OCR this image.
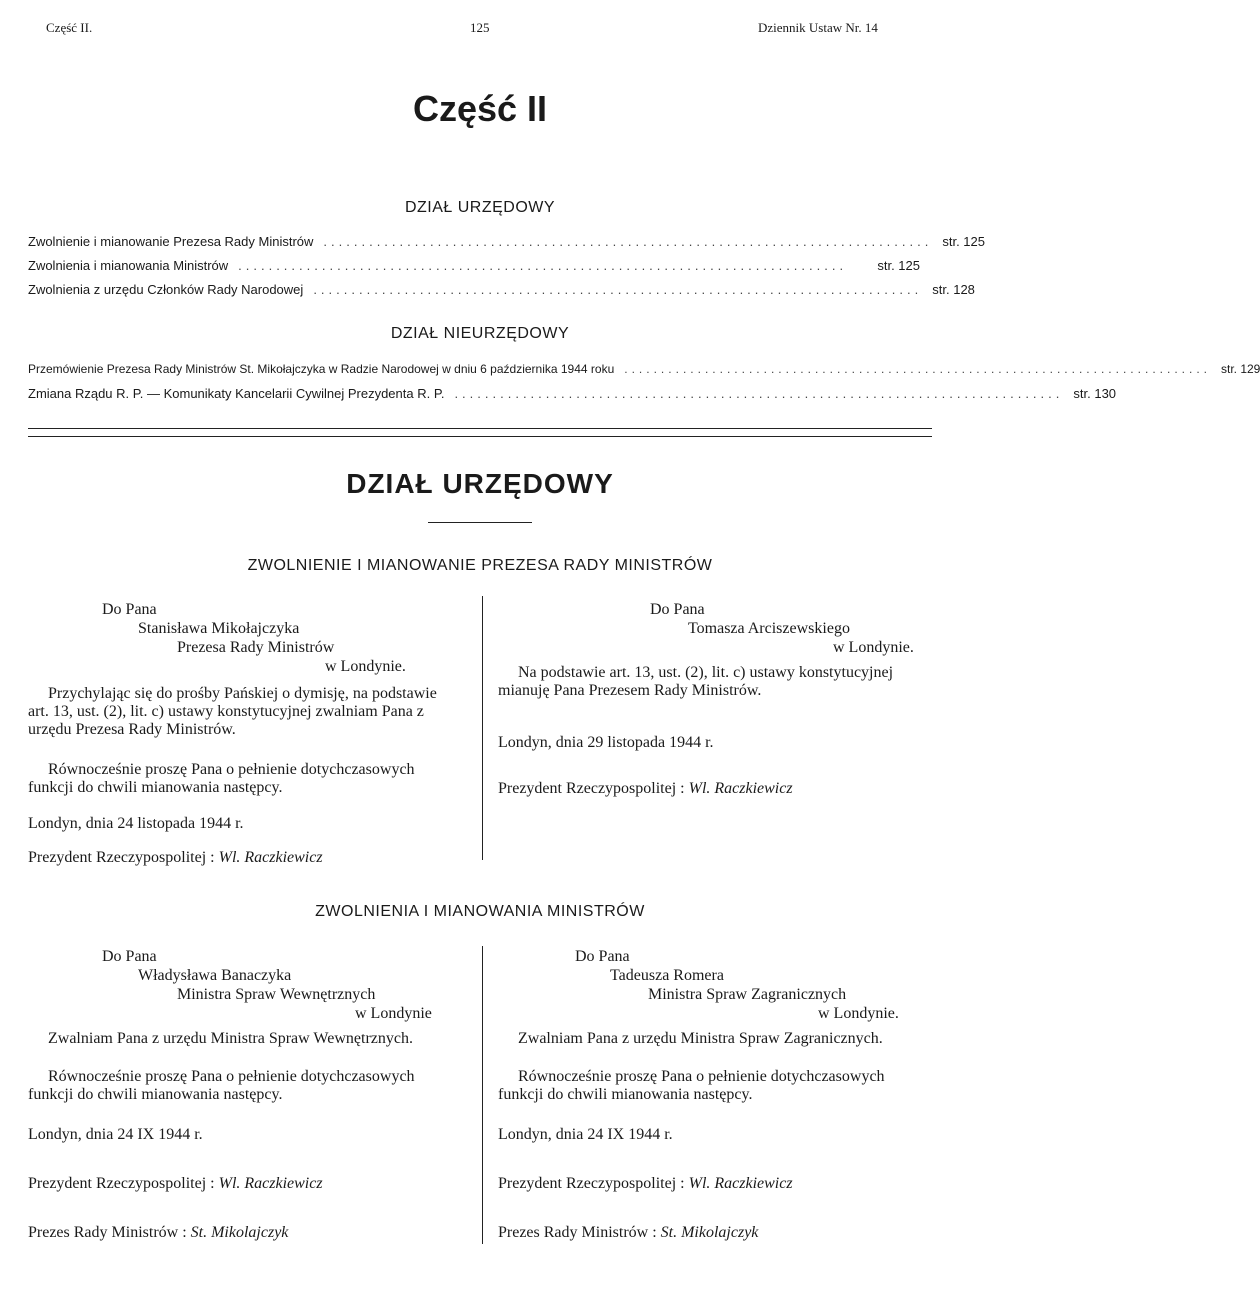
Część II.	125	Dziennik Ustaw Nr. 14
Część II
DZIAŁ URZĘDOWY
Zwolnienie i mianowanie Prezesa Rady Ministrów ................................................................................ str. 125
Zwolnienia i mianowania Ministrów ................................................................................	str. 125
Zwolnienia z urzędu Członków Rady Narodowej ................................................................................ str. 128
DZIAŁ NIEURZĘDOWY
Przemówienie Prezesa Rady Ministrów St. Mikołajczyka w Radzie Narodowej w dniu 6 października 1944 roku ................................................................................ str. 129
Zmiana Rządu R. P. — Komunikaty Kancelarii Cywilnej Prezydenta R. P. ................................................................................ str. 130
DZIAŁ URZĘDOWY
ZWOLNIENIE I MIANOWANIE PREZESA RADY MINISTRÓW
Do Pana
Stanisława Mikołajczyka
Prezesa Rady Ministrów
w Londynie.
Przychylając się do prośby Pańskiej o dymisję, na podstawie art. 13, ust. (2), lit. c) ustawy konstytucyjnej zwalniam Pana z urzędu Prezesa Rady Ministrów.
Równocześnie proszę Pana o pełnienie dotychczasowych funkcji do chwili mianowania następcy.
Londyn, dnia 24 listopada 1944 r.
Prezydent Rzeczypospolitej : Wl. Raczkiewicz
Do Pana
Tomasza Arciszewskiego
w Londynie.
Na podstawie art. 13, ust. (2), lit. c) ustawy konstytucyjnej mianuję Pana Prezesem Rady Ministrów.
Londyn, dnia 29 listopada 1944 r.
Prezydent Rzeczypospolitej : Wl. Raczkiewicz
ZWOLNIENIA I MIANOWANIA MINISTRÓW
Do Pana
Władysława Banaczyka
Ministra Spraw Wewnętrznych
w Londynie
Zwalniam Pana z urzędu Ministra Spraw Wewnętrznych.
Równocześnie proszę Pana o pełnienie dotychczasowych funkcji do chwili mianowania następcy.
Londyn, dnia 24 IX 1944 r.
Prezydent Rzeczypospolitej : Wl. Raczkiewicz
Prezes Rady Ministrów : St. Mikolajczyk
Do Pana
Tadeusza Romera
Ministra Spraw Zagranicznych
w Londynie.
Zwalniam Pana z urzędu Ministra Spraw Zagranicznych.
Równocześnie proszę Pana o pełnienie dotychczasowych funkcji do chwili mianowania następcy.
Londyn, dnia 24 IX 1944 r.
Prezydent Rzeczypospolitej : Wl. Raczkiewicz
Prezes Rady Ministrów : St. Mikolajczyk
